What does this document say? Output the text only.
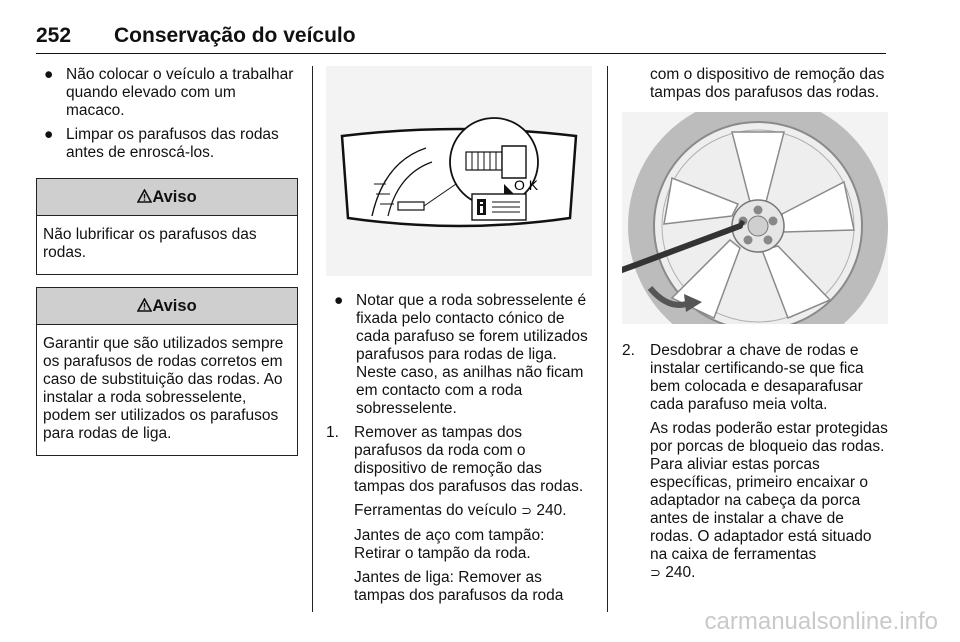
252 Conservação do veículo
● Não colocar o veículo a trabalhar quando elevado com um macaco.
● Limpar os parafusos das rodas antes de enroscá-los.
Aviso
Não lubrificar os parafusos das rodas.
Aviso
Garantir que são utilizados sempre os parafusos de rodas corretos em caso de substituição das rodas. Ao instalar a roda sobresselente, podem ser utilizados os parafusos para rodas de liga.
O K
● Notar que a roda sobresselente é fixada pelo contacto cónico de cada parafuso se forem utilizados parafusos para rodas de liga. Neste caso, as anilhas não ficam em contacto com a roda sobresselente.
1. Remover as tampas dos parafusos da roda com o dispositivo de remoção das tampas dos parafusos das rodas.
Ferramentas do veículo ⊃ 240.
Jantes de aço com tampão: Retirar o tampão da roda.
Jantes de liga: Remover as tampas dos parafusos da roda
com o dispositivo de remoção das tampas dos parafusos das rodas.
2. Desdobrar a chave de rodas e instalar certificando-se que fica bem colocada e desaparafusar cada parafuso meia volta.
As rodas poderão estar protegidas por porcas de bloqueio das rodas. Para aliviar estas porcas específicas, primeiro encaixar o adaptador na cabeça da porca antes de instalar a chave de rodas. O adaptador está situado na caixa de ferramentas
⊃ 240.
carmanualsonline.info
